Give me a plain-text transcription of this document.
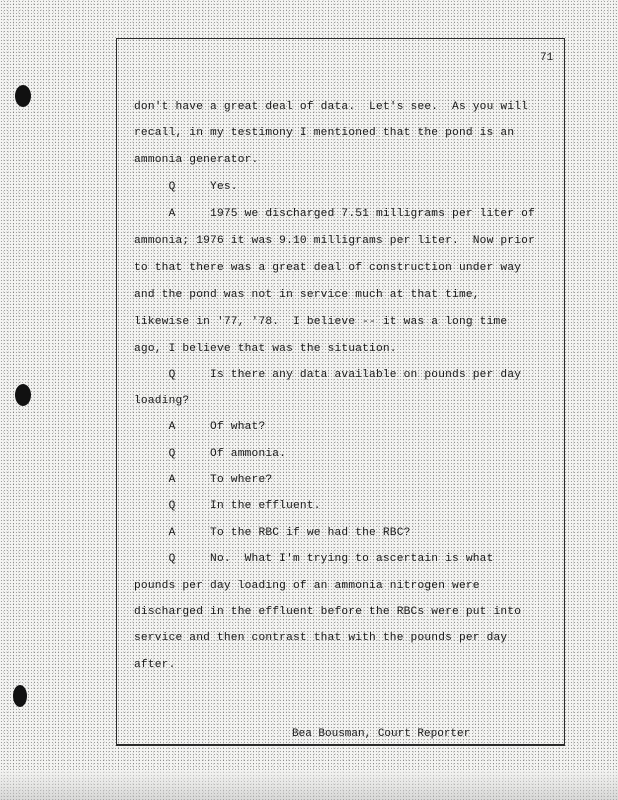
71
don't have a great deal of data.  Let's see.  As you will
recall, in my testimony I mentioned that the pond is an
ammonia generator.
Q     Yes.
A     1975 we discharged 7.51 milligrams per liter of
ammonia; 1976 it was 9.10 milligrams per liter.  Now prior
to that there was a great deal of construction under way
and the pond was not in service much at that time,
likewise in '77, '78.  I believe -- it was a long time
ago, I believe that was the situation.
Q     Is there any data available on pounds per day
loading?
A     Of what?
Q     Of ammonia.
A     To where?
Q     In the effluent.
A     To the RBC if we had the RBC?
Q     No.  What I'm trying to ascertain is what
pounds per day loading of an ammonia nitrogen were
discharged in the effluent before the RBCs were put into
service and then contrast that with the pounds per day
after.
Bea Bousman, Court Reporter
